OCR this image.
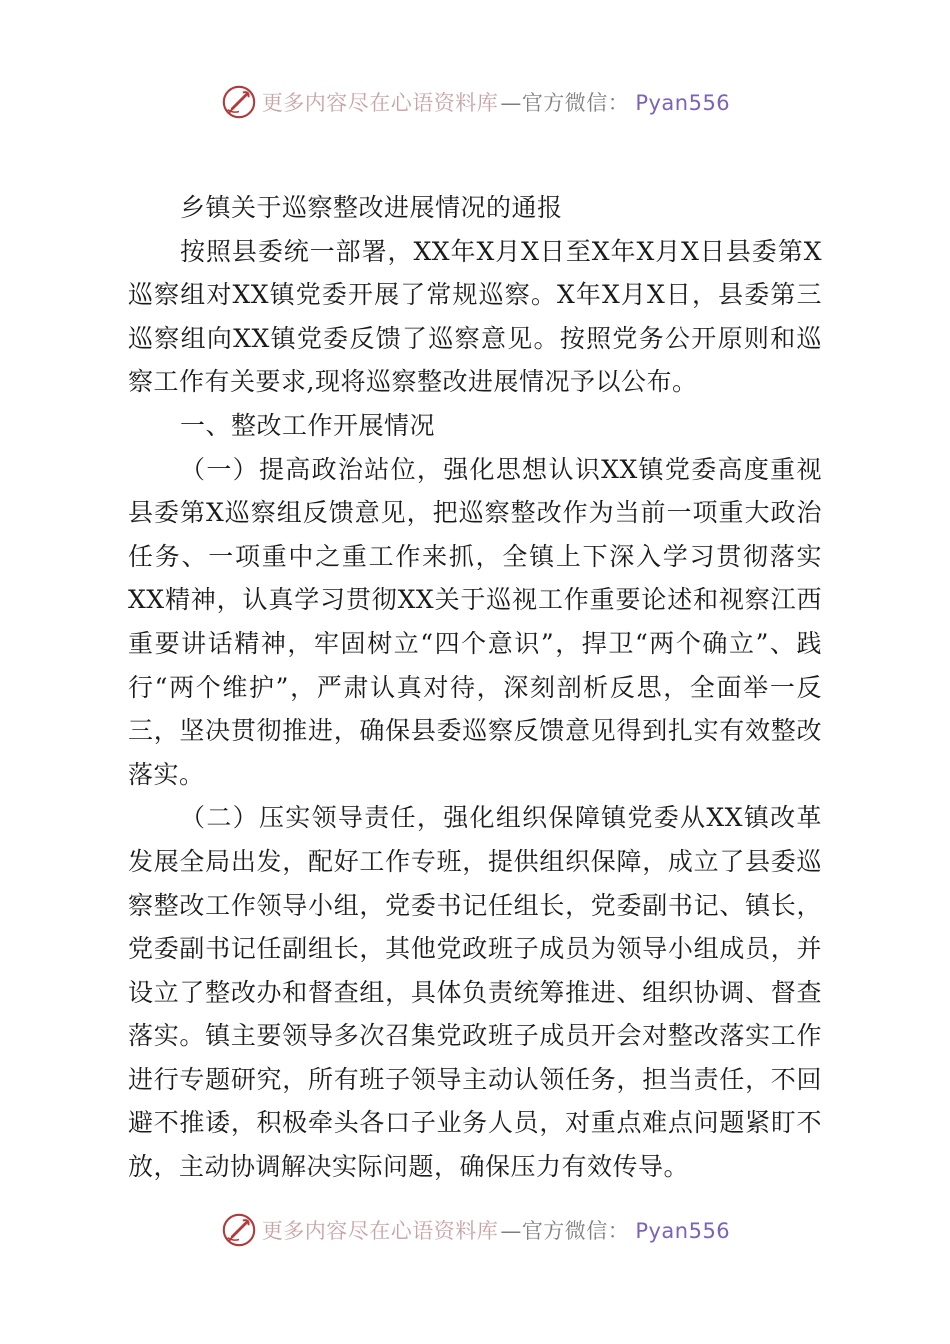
更多内容尽在心语资料库—官方微信： Pyan556

乡镇关于巡察整改进展情况的通报

按照县委统一部署，XX年X月X日至X年X月X日县委第X巡察组对XX镇党委开展了常规巡察。X年X月X日，县委第三巡察组向XX镇党委反馈了巡察意见。按照党务公开原则和巡察工作有关要求,现将巡察整改进展情况予以公布。

一、整改工作开展情况

（一）提高政治站位，强化思想认识XX镇党委高度重视县委第X巡察组反馈意见，把巡察整改作为当前一项重大政治任务、一项重中之重工作来抓，全镇上下深入学习贯彻落实XX精神，认真学习贯彻XX关于巡视工作重要论述和视察江西重要讲话精神，牢固树立“四个意识”，捍卫“两个确立”、践行“两个维护”，严肃认真对待，深刻剖析反思，全面举一反三，坚决贯彻推进，确保县委巡察反馈意见得到扎实有效整改落实。

（二）压实领导责任，强化组织保障镇党委从XX镇改革发展全局出发，配好工作专班，提供组织保障，成立了县委巡察整改工作领导小组，党委书记任组长，党委副书记、镇长，党委副书记任副组长，其他党政班子成员为领导小组成员，并设立了整改办和督查组，具体负责统筹推进、组织协调、督查落实。镇主要领导多次召集党政班子成员开会对整改落实工作进行专题研究，所有班子领导主动认领任务，担当责任，不回避不推诿，积极牵头各口子业务人员，对重点难点问题紧盯不放，主动协调解决实际问题，确保压力有效传导。

更多内容尽在心语资料库—官方微信： Pyan556
